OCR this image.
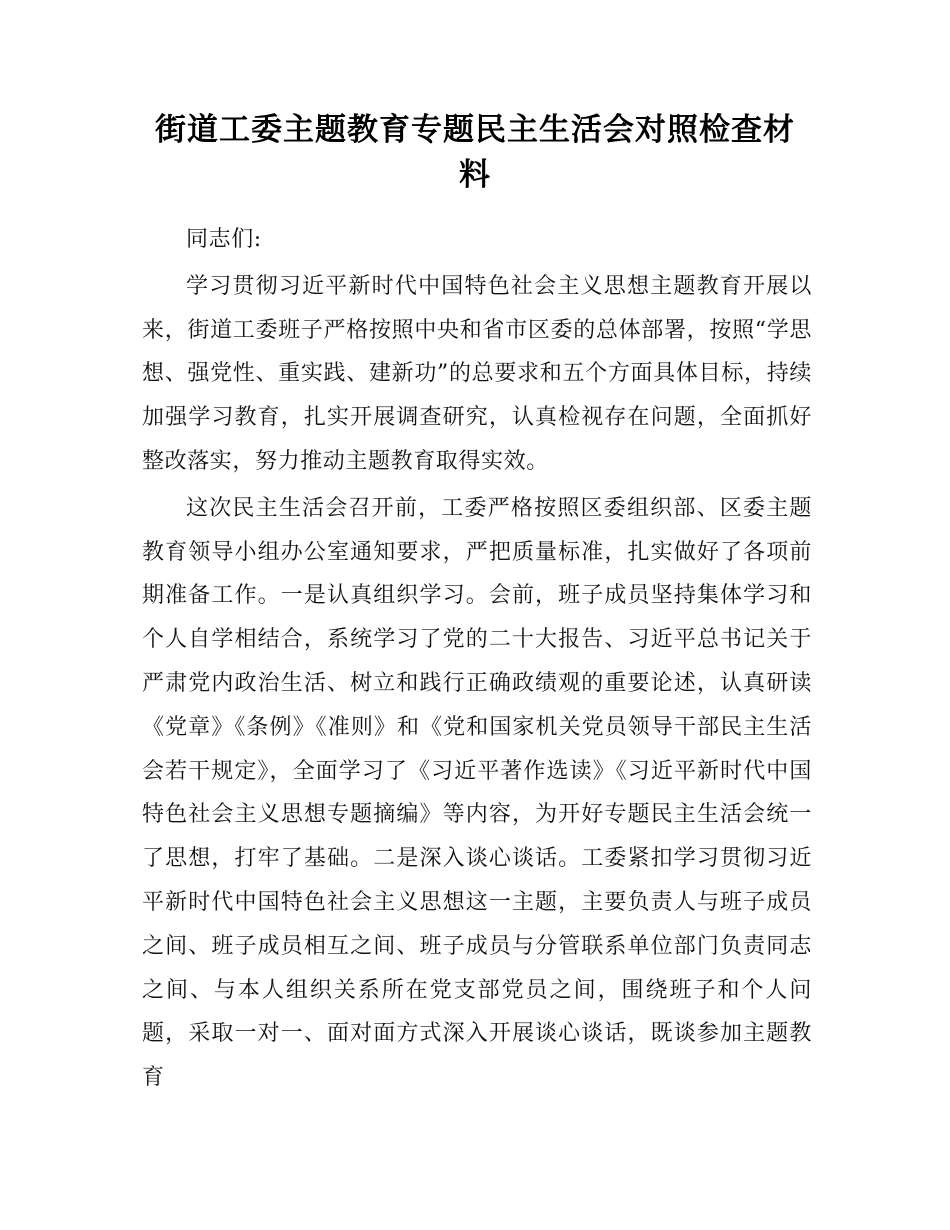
街道工委主题教育专题民主生活会对照检查材料

同志们:

学习贯彻习近平新时代中国特色社会主义思想主题教育开展以来，街道工委班子严格按照中央和省市区委的总体部署，按照“学思想、强党性、重实践、建新功”的总要求和五个方面具体目标，持续加强学习教育，扎实开展调查研究，认真检视存在问题，全面抓好整改落实，努力推动主题教育取得实效。

这次民主生活会召开前，工委严格按照区委组织部、区委主题教育领导小组办公室通知要求，严把质量标准，扎实做好了各项前期准备工作。一是认真组织学习。会前，班子成员坚持集体学习和个人自学相结合，系统学习了党的二十大报告、习近平总书记关于严肃党内政治生活、树立和践行正确政绩观的重要论述，认真研读《党章》《条例》《准则》和《党和国家机关党员领导干部民主生活会若干规定》，全面学习了《习近平著作选读》《习近平新时代中国特色社会主义思想专题摘编》等内容，为开好专题民主生活会统一了思想，打牢了基础。二是深入谈心谈话。工委紧扣学习贯彻习近平新时代中国特色社会主义思想这一主题，主要负责人与班子成员之间、班子成员相互之间、班子成员与分管联系单位部门负责同志之间、与本人组织关系所在党支部党员之间，围绕班子和个人问题，采取一对一、面对面方式深入开展谈心谈话，既谈参加主题教育
